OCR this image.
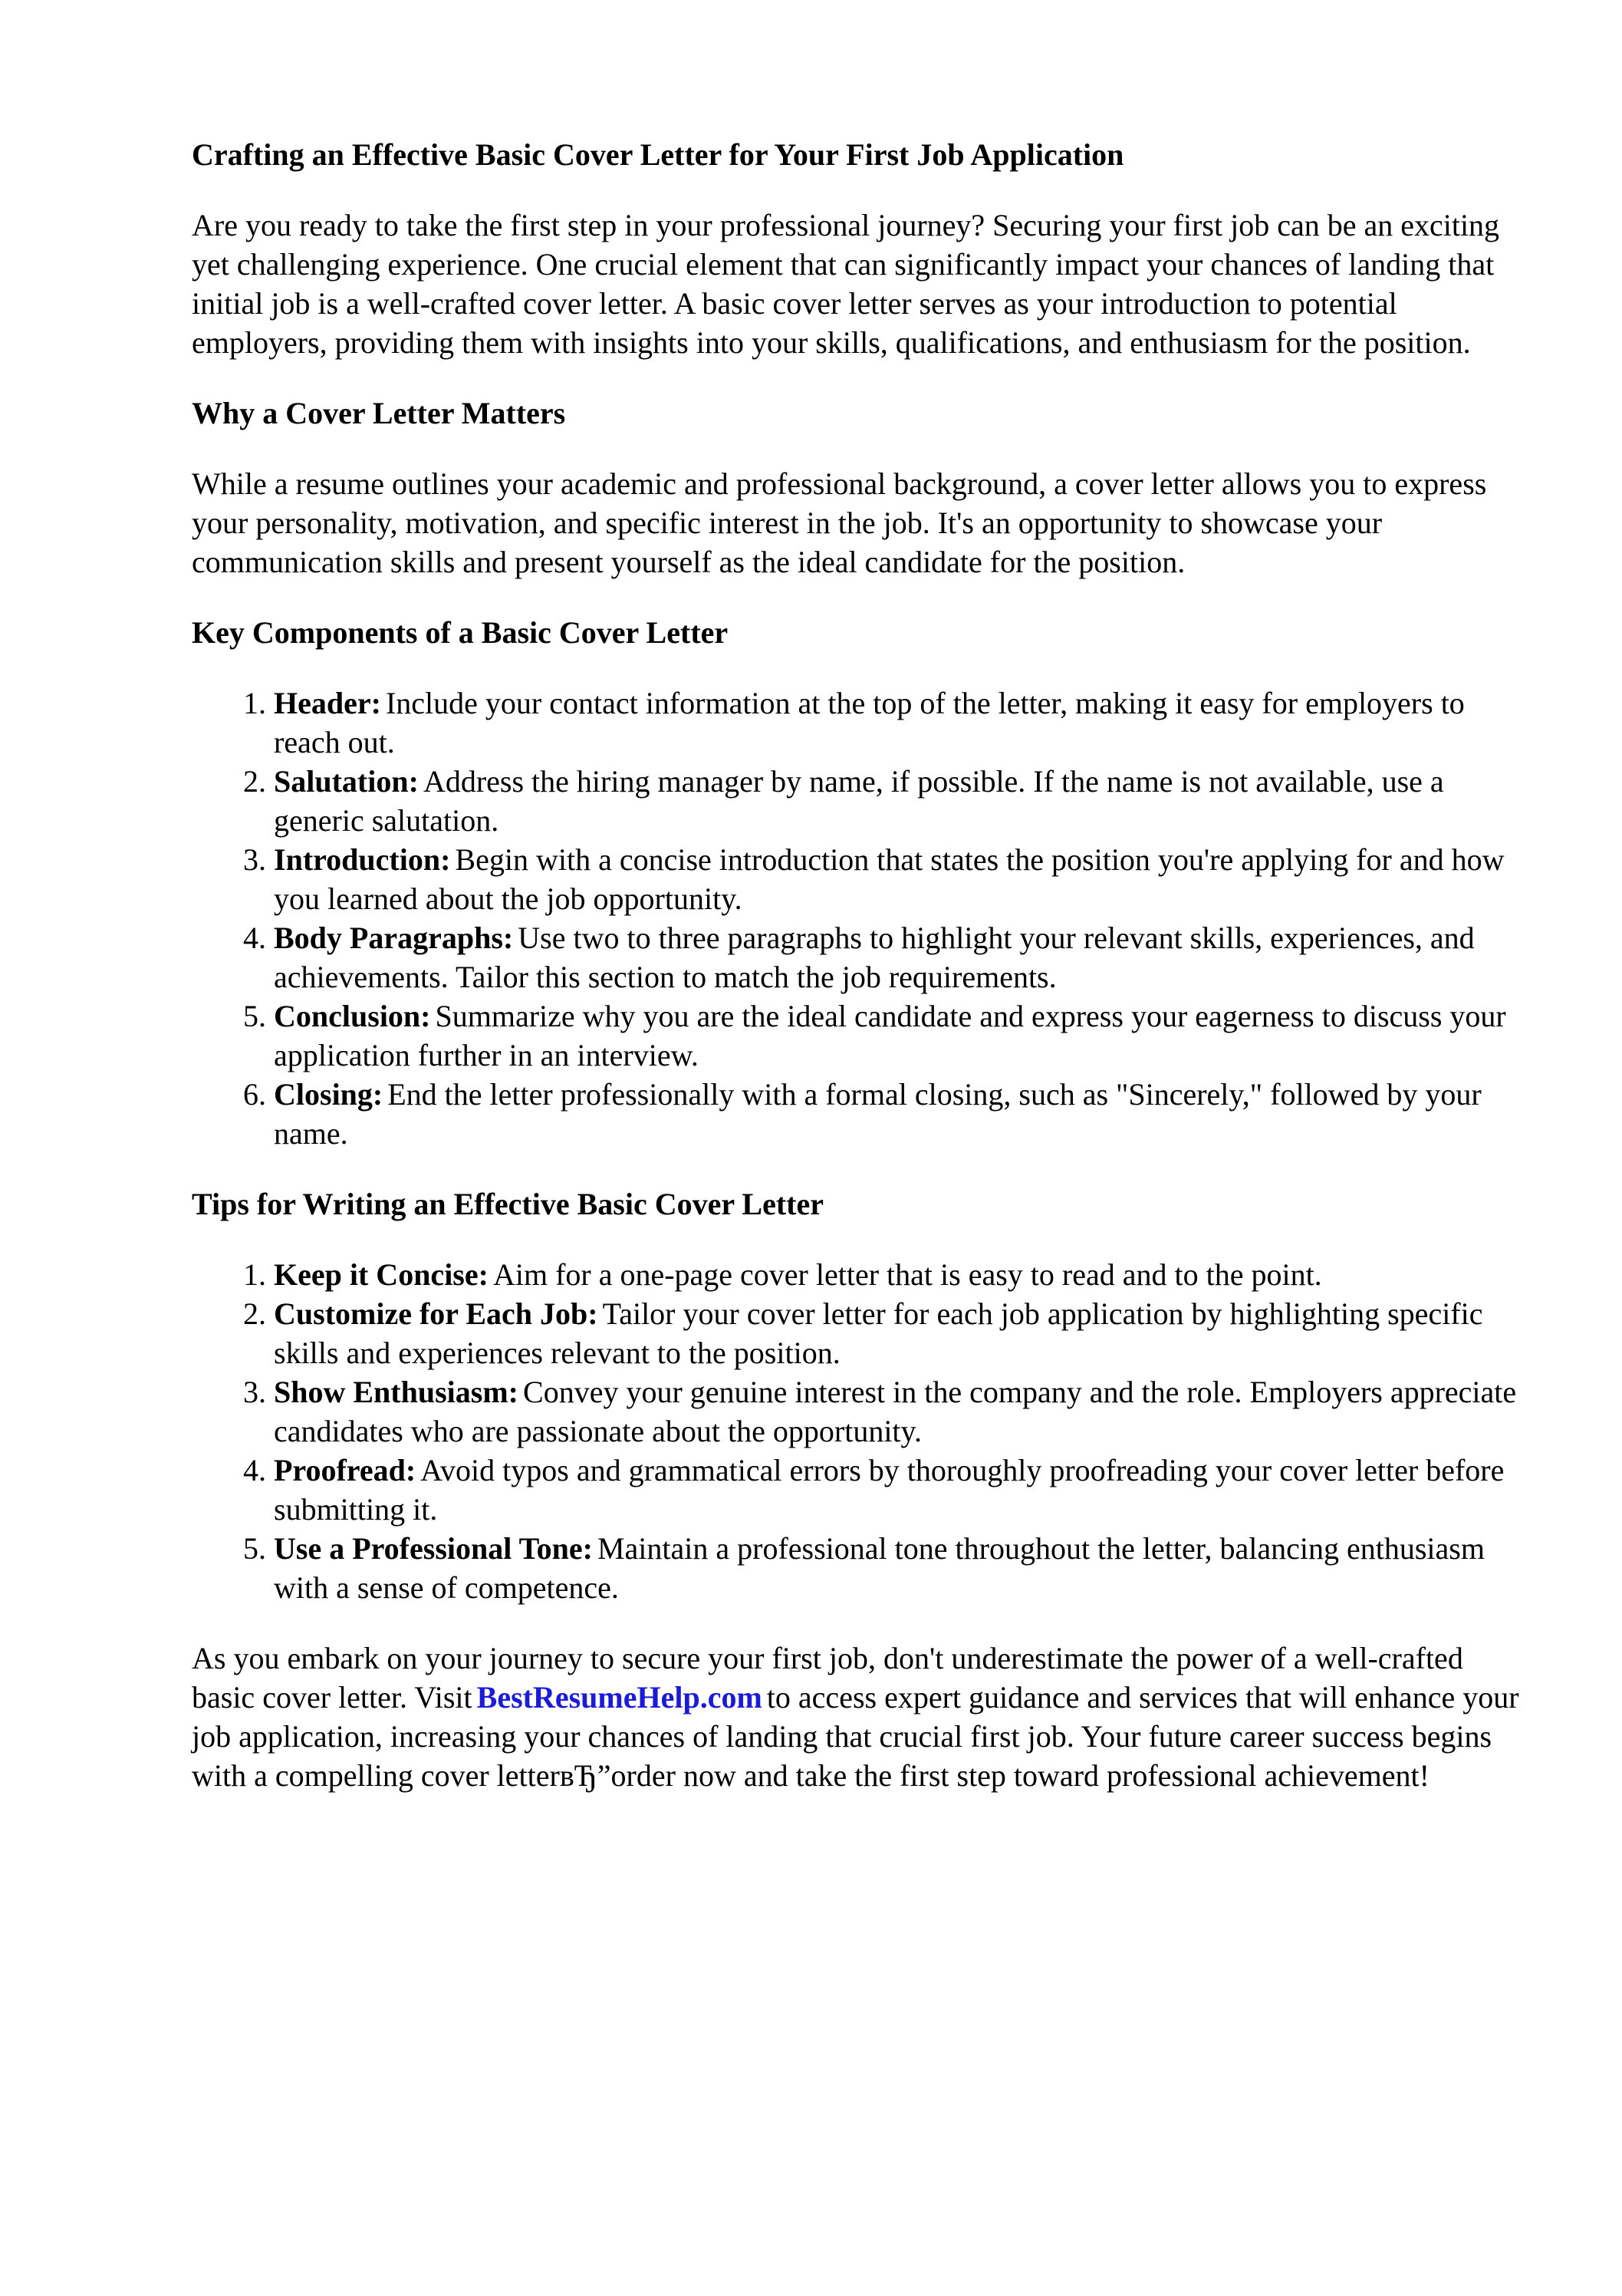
Crafting an Effective Basic Cover Letter for Your First Job Application

Are you ready to take the first step in your professional journey? Securing your first job can be an exciting yet challenging experience. One crucial element that can significantly impact your chances of landing that initial job is a well-crafted cover letter. A basic cover letter serves as your introduction to potential employers, providing them with insights into your skills, qualifications, and enthusiasm for the position.

Why a Cover Letter Matters

While a resume outlines your academic and professional background, a cover letter allows you to express your personality, motivation, and specific interest in the job. It's an opportunity to showcase your communication skills and present yourself as the ideal candidate for the position.

Key Components of a Basic Cover Letter
1. Header: Include your contact information at the top of the letter, making it easy for employers to reach out.
2. Salutation: Address the hiring manager by name, if possible. If the name is not available, use a generic salutation.
3. Introduction: Begin with a concise introduction that states the position you're applying for and how you learned about the job opportunity.
4. Body Paragraphs: Use two to three paragraphs to highlight your relevant skills, experiences, and achievements. Tailor this section to match the job requirements.
5. Conclusion: Summarize why you are the ideal candidate and express your eagerness to discuss your application further in an interview.
6. Closing: End the letter professionally with a formal closing, such as "Sincerely," followed by your name.
Tips for Writing an Effective Basic Cover Letter
1. Keep it Concise: Aim for a one-page cover letter that is easy to read and to the point.
2. Customize for Each Job: Tailor your cover letter for each job application by highlighting specific skills and experiences relevant to the position.
3. Show Enthusiasm: Convey your genuine interest in the company and the role. Employers appreciate candidates who are passionate about the opportunity.
4. Proofread: Avoid typos and grammatical errors by thoroughly proofreading your cover letter before submitting it.
5. Use a Professional Tone: Maintain a professional tone throughout the letter, balancing enthusiasm with a sense of competence.

As you embark on your journey to secure your first job, don't underestimate the power of a well-crafted basic cover letter. Visit BestResumeHelp.com to access expert guidance and services that will enhance your job application, increasing your chances of landing that crucial first job. Your future career success begins with a compelling cover letterвЂ”order now and take the first step toward professional achievement!
